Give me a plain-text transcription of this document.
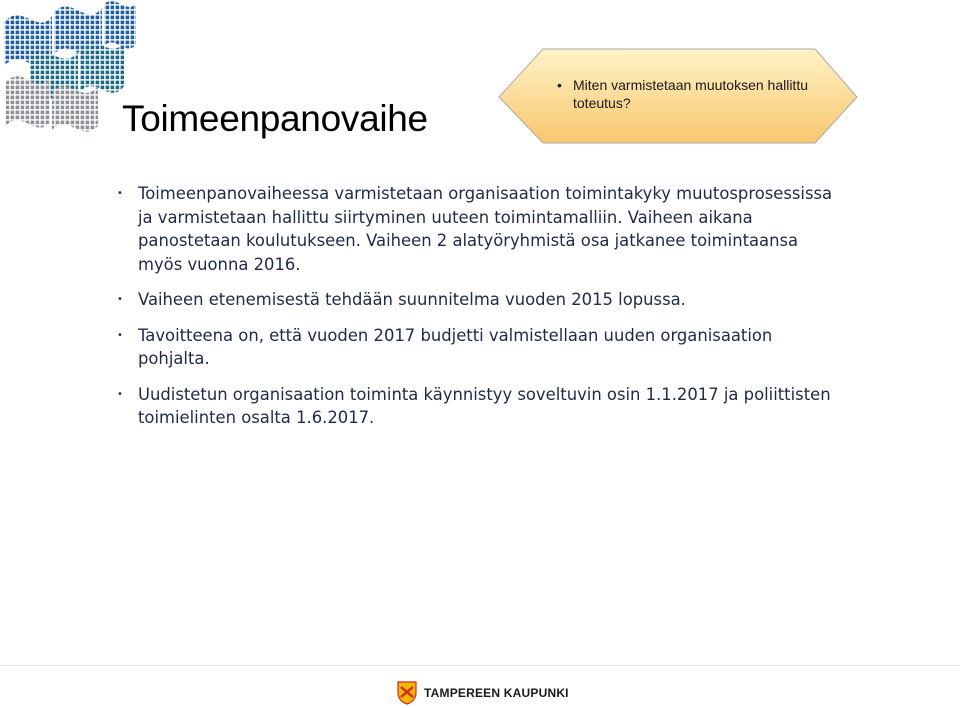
Toimeenpanovaihe
• Miten varmistetaan muutoksen hallittu toteutus?
• Toimeenpanovaiheessa varmistetaan organisaation toimintakyky muutosprosessissa ja varmistetaan hallittu siirtyminen uuteen toimintamalliin. Vaiheen aikana panostetaan koulutukseen. Vaiheen 2 alatyöryhmistä osa jatkanee toimintaansa myös vuonna 2016.
• Vaiheen etenemisestä tehdään suunnitelma vuoden 2015 lopussa.
• Tavoitteena on, että vuoden 2017 budjetti valmistellaan uuden organisaation pohjalta.
• Uudistetun organisaation toiminta käynnistyy soveltuvin osin 1.1.2017 ja poliittisten toimielinten osalta 1.6.2017.
TAMPEREEN KAUPUNKI
